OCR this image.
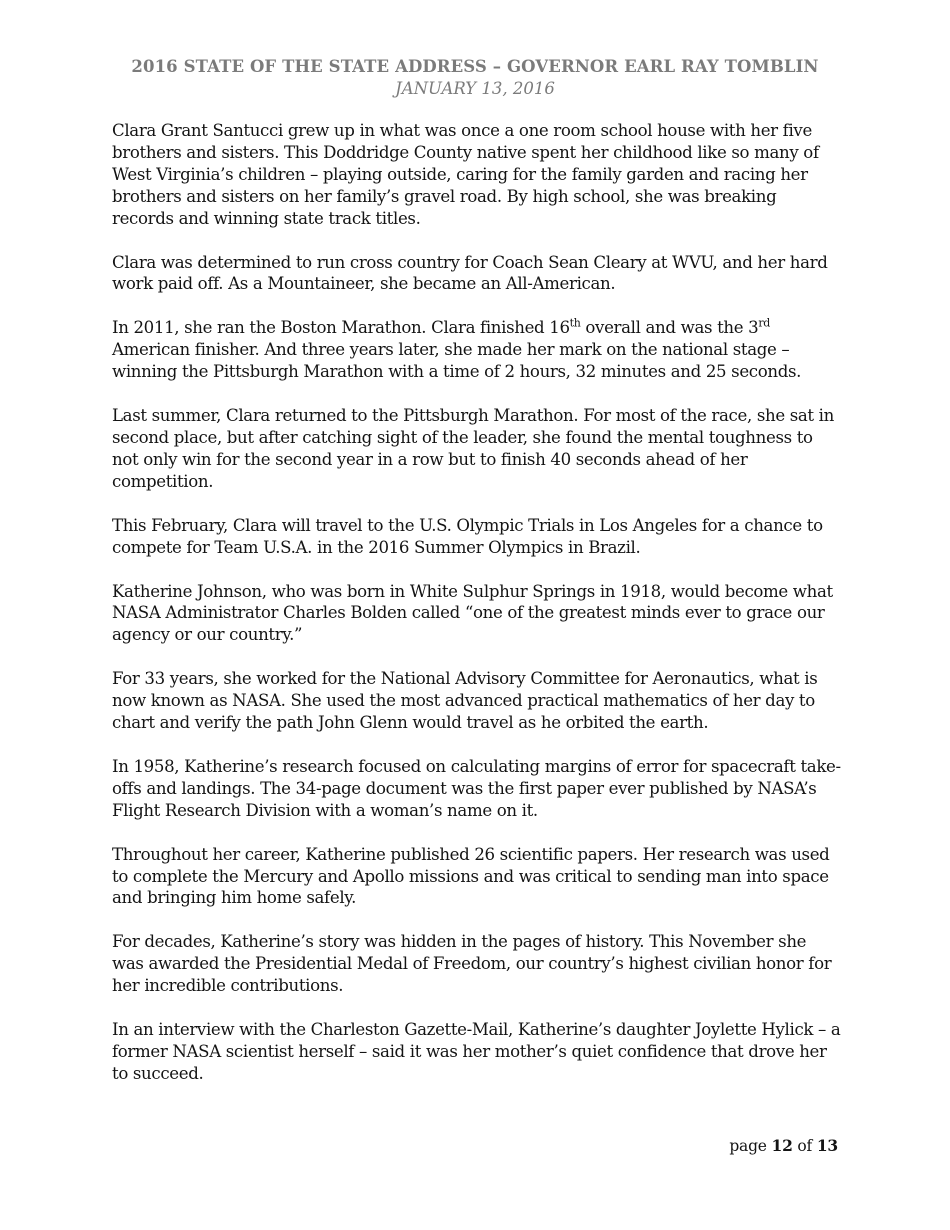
2016 STATE OF THE STATE ADDRESS – GOVERNOR EARL RAY TOMBLIN
JANUARY 13, 2016

Clara Grant Santucci grew up in what was once a one room school house with her five brothers and sisters. This Doddridge County native spent her childhood like so many of West Virginia’s children – playing outside, caring for the family garden and racing her brothers and sisters on her family’s gravel road. By high school, she was breaking records and winning state track titles.

Clara was determined to run cross country for Coach Sean Cleary at WVU, and her hard work paid off. As a Mountaineer, she became an All-American.

In 2011, she ran the Boston Marathon. Clara finished 16th overall and was the 3rd American finisher. And three years later, she made her mark on the national stage – winning the Pittsburgh Marathon with a time of 2 hours, 32 minutes and 25 seconds.

Last summer, Clara returned to the Pittsburgh Marathon. For most of the race, she sat in second place, but after catching sight of the leader, she found the mental toughness to not only win for the second year in a row but to finish 40 seconds ahead of her competition.

This February, Clara will travel to the U.S. Olympic Trials in Los Angeles for a chance to compete for Team U.S.A. in the 2016 Summer Olympics in Brazil.

Katherine Johnson, who was born in White Sulphur Springs in 1918, would become what NASA Administrator Charles Bolden called “one of the greatest minds ever to grace our agency or our country.”

For 33 years, she worked for the National Advisory Committee for Aeronautics, what is now known as NASA. She used the most advanced practical mathematics of her day to chart and verify the path John Glenn would travel as he orbited the earth.

In 1958, Katherine’s research focused on calculating margins of error for spacecraft take-offs and landings. The 34-page document was the first paper ever published by NASA’s Flight Research Division with a woman’s name on it.

Throughout her career, Katherine published 26 scientific papers. Her research was used to complete the Mercury and Apollo missions and was critical to sending man into space and bringing him home safely.

For decades, Katherine’s story was hidden in the pages of history. This November she was awarded the Presidential Medal of Freedom, our country’s highest civilian honor for her incredible contributions.

In an interview with the Charleston Gazette-Mail, Katherine’s daughter Joylette Hylick – a former NASA scientist herself – said it was her mother’s quiet confidence that drove her to succeed.

page 12 of 13
